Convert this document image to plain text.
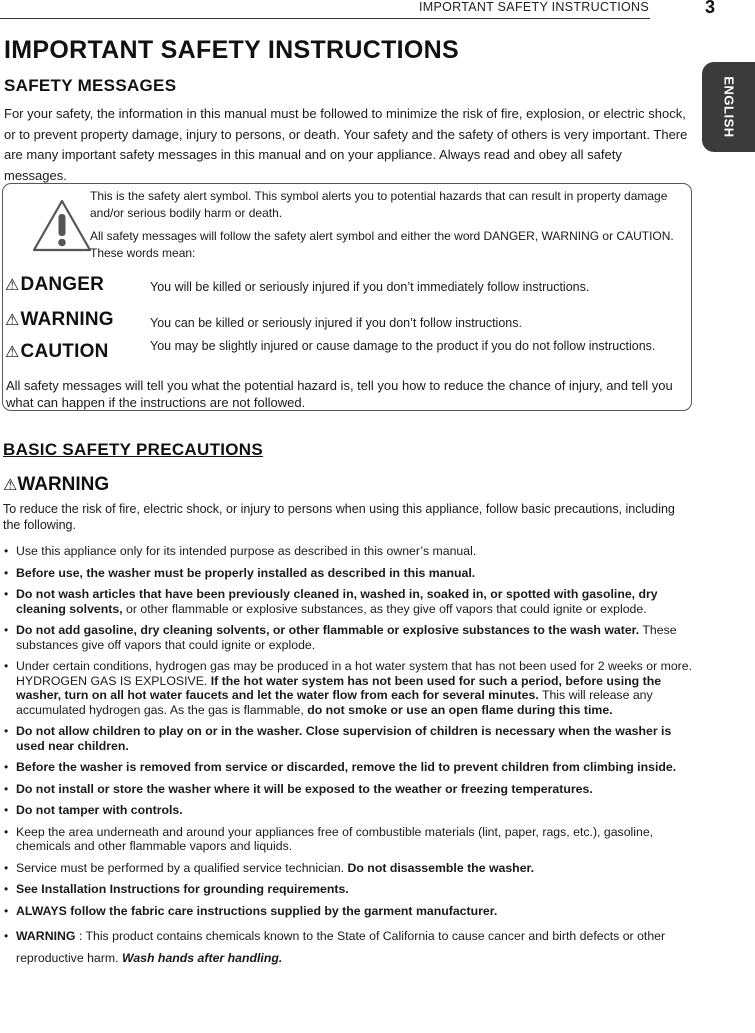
IMPORTANT SAFETY INSTRUCTIONS	3
ENGLISH
IMPORTANT SAFETY INSTRUCTIONS
SAFETY MESSAGES

For your safety, the information in this manual must be followed to minimize the risk of fire, explosion, or electric shock, or to prevent property damage, injury to persons, or death. Your safety and the safety of others is very important. There are many important safety messages in this manual and on your appliance. Always read and obey all safety messages.

This is the safety alert symbol. This symbol alerts you to potential hazards that can result in property damage and/or serious bodily harm or death.

All safety messages will follow the safety alert symbol and either the word DANGER, WARNING or CAUTION. These words mean:

⚠DANGER	You will be killed or seriously injured if you don’t immediately follow instructions.

⚠WARNING	You can be killed or seriously injured if you don’t follow instructions.

⚠CAUTION	You may be slightly injured or cause damage to the product if you do not follow instructions.

All safety messages will tell you what the potential hazard is, tell you how to reduce the chance of injury, and tell you what can happen if the instructions are not followed.

BASIC SAFETY PRECAUTIONS
⚠WARNING

To reduce the risk of fire, electric shock, or injury to persons when using this appliance, follow basic precautions, including the following.

• Use this appliance only for its intended purpose as described in this owner’s manual.
• Before use, the washer must be properly installed as described in this manual.
• Do not wash articles that have been previously cleaned in, washed in, soaked in, or spotted with gasoline, dry cleaning solvents, or other flammable or explosive substances, as they give off vapors that could ignite or explode.
• Do not add gasoline, dry cleaning solvents, or other flammable or explosive substances to the wash water. These substances give off vapors that could ignite or explode.
• Under certain conditions, hydrogen gas may be produced in a hot water system that has not been used for 2 weeks or more. HYDROGEN GAS IS EXPLOSIVE. If the hot water system has not been used for such a period, before using the washer, turn on all hot water faucets and let the water flow from each for several minutes. This will release any accumulated hydrogen gas. As the gas is flammable, do not smoke or use an open flame during this time.
• Do not allow children to play on or in the washer. Close supervision of children is necessary when the washer is used near children.
• Before the washer is removed from service or discarded, remove the lid to prevent children from climbing inside.
• Do not install or store the washer where it will be exposed to the weather or freezing temperatures.
• Do not tamper with controls.
• Keep the area underneath and around your appliances free of combustible materials (lint, paper, rags, etc.), gasoline, chemicals and other flammable vapors and liquids.
• Service must be performed by a qualified service technician. Do not disassemble the washer.
• See Installation Instructions for grounding requirements.
• ALWAYS follow the fabric care instructions supplied by the garment manufacturer.
• WARNING : This product contains chemicals known to the State of California to cause cancer and birth defects or other reproductive harm. Wash hands after handling.
